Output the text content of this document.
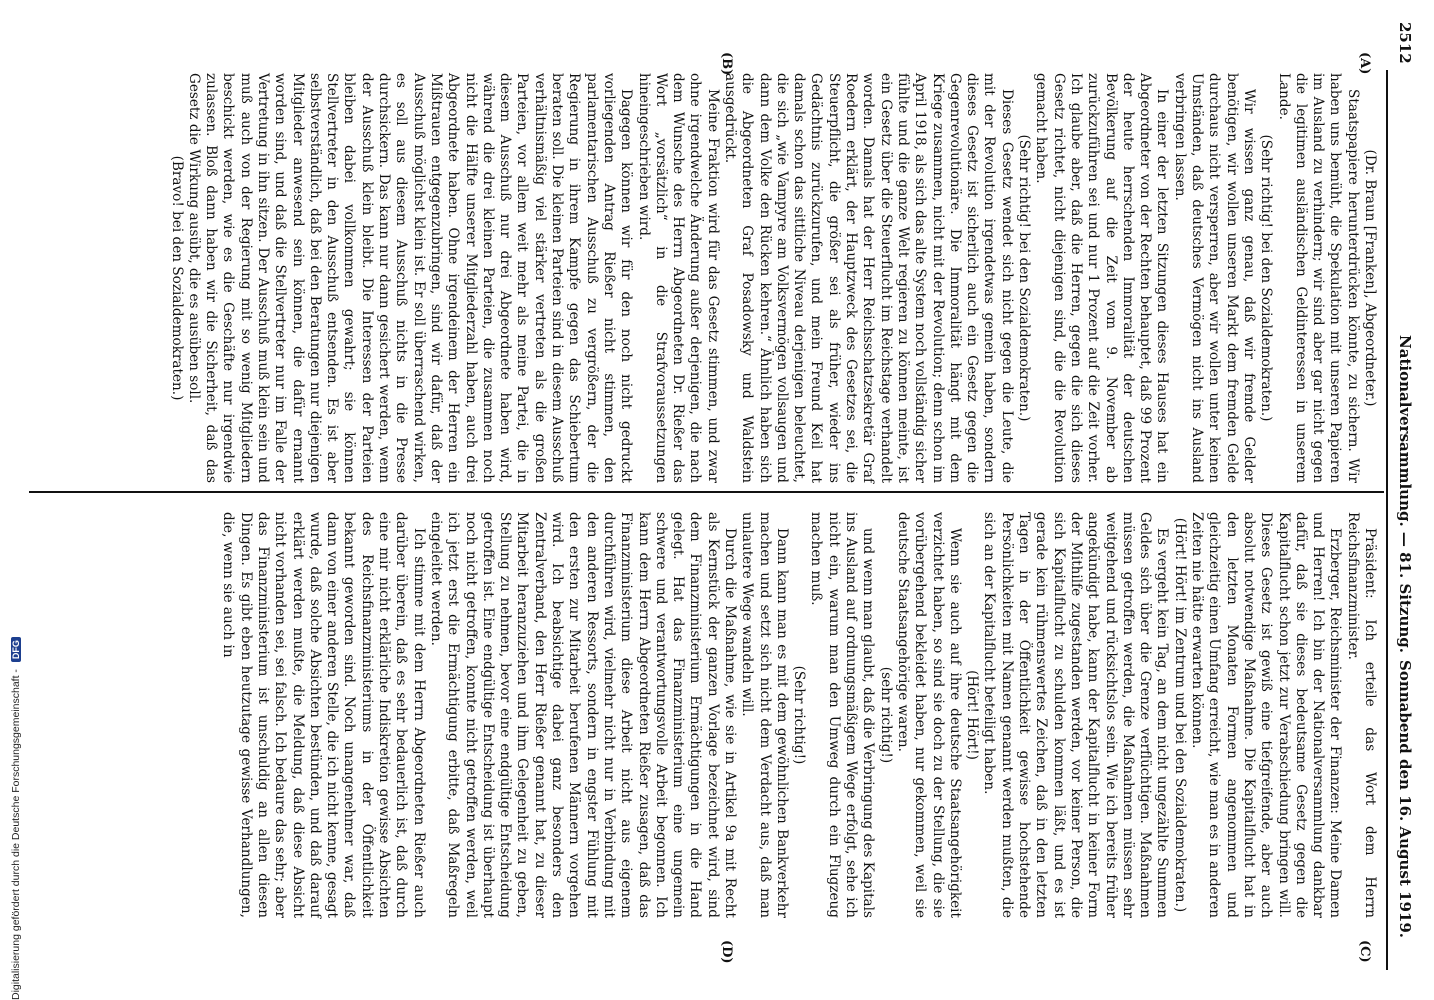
2512
Nationalversammlung. — 81. Sitzung.
Sonnabend den 16. August 1919.
(A)
(B)
(C)
(D)

(Dr. Braun [Franken], Abgeordneter.)

Staatspapiere herunterdrücken könnte, zu sichern. Wir haben uns bemüht, die Spekulation mit unseren Papieren im Ausland zu verhindern; wir sind aber gar nicht gegen die legitimen ausländischen Geldinteressen in unserem Lande.

(Sehr richtig! bei den Sozialdemokraten.)

Wir wissen ganz genau, daß wir fremde Gelder benötigen, wir wollen unseren Markt dem fremden Gelde durchaus nicht versperren, aber wir wollen unter keinen Umständen, daß deutsches Vermögen nicht ins Ausland verbringen lassen.

In einer der letzten Sitzungen dieses Hauses hat ein Abgeordneter von der Rechten behauptet, daß 99 Prozent der heute herrschenden Immoralität der deutschen Bevölkerung auf die Zeit vom 9. November ab zurückzuführen sei und nur 1 Prozent auf die Zeit vorher. Ich glaube aber, daß die Herren, gegen die sich dieses Gesetz richtet, nicht diejenigen sind, die die Revolution gemacht haben.

(Sehr richtig! bei den Sozialdemokraten.)

Dieses Gesetz wendet sich nicht gegen die Leute, die mit der Revolution irgendetwas gemein haben, sondern dieses Gesetz ist sicherlich auch ein Gesetz gegen die Gegenrevolutionäre. Die Immoralität hängt mit dem Kriege zusammen, nicht mit der Revolution; denn schon im April 1918, als sich das alte System noch vollständig sicher fühlte und die ganze Welt regieren zu können meinte, ist ein Gesetz über die Steuerflucht im Reichstage verhandelt worden. Damals hat der Herr Reichsschatzsekretär Graf Roedern erklärt, der Hauptzweck des Gesetzes sei, die Steuerpflicht, die größer sei als früher, wieder ins Gedächtnis zurückzurufen, und mein Freund Keil hat damals schon das sittliche Niveau derjenigen beleuchtet, die sich „wie Vampyre am Volksvermögen vollsaugen und dann dem Volke den Rücken kehren.“ Ähnlich haben sich die Abgeordneten Graf Posadowsky und Waldstein ausgedrückt.

Meine Fraktion wird für das Gesetz stimmen, und zwar ohne irgendwelche Änderung außer derjenigen, die nach dem Wunsche des Herrn Abgeordneten Dr. Rießer das Wort „vorsätzlich“ in die Strafvoraussetzungen hineingeschrieben wird.

Dagegen können wir für den noch nicht gedruckt vorliegenden Antrag Rießer nicht stimmen, den parlamentarischen Ausschuß zu vergrößern, der die Regierung in ihrem Kampfe gegen das Schiebertum beraten soll. Die kleinen Parteien sind in diesem Ausschuß verhältnismäßig viel stärker vertreten als die großen Parteien, vor allem weit mehr als meine Partei, die in diesem Ausschuß nur drei Abgeordnete haben wird, während die drei kleinen Parteien, die zusammen noch nicht die Hälfte unserer Mitgliederzahl haben, auch drei Abgeordnete haben. Ohne irgendeinem der Herren ein Mißtrauen entgegenzubringen, sind wir dafür, daß der Ausschuß möglichst klein ist. Er soll überraschend wirken, es soll aus diesem Ausschuß nichts in die Presse durchsickern. Das kann nur dann gesichert werden, wenn der Ausschuß klein bleibt. Die Interessen der Parteien bleiben dabei vollkommen gewahrt; sie können Stellvertreter in den Ausschuß entsenden. Es ist aber selbstverständlich, daß bei den Beratungen nur diejenigen Mitglieder anwesend sein können, die dafür ernannt worden sind, und daß die Stellvertreter nur im Falle der Vertretung in ihn sitzen. Der Ausschuß muß klein sein und muß auch von der Regierung mit so wenig Mitgliedern beschickt werden, wie es die Geschäfte nur irgendwie zulassen. Bloß dann haben wir die Sicherheit, daß das Gesetz die Wirkung ausübt, die es ausüben soll.

(Bravo! bei den Sozialdemokraten.)

Präsident: Ich erteile das Wort dem Herrn Reichsfinanzminister.

Erzberger, Reichsminister der Finanzen: Meine Damen und Herren! Ich bin der Nationalversammlung dankbar dafür, daß sie dieses bedeutsame Gesetz gegen die Kapitalflucht schon jetzt zur Verabschiedung bringen will. Dieses Gesetz ist gewiß eine tiefgreifende, aber auch absolut notwendige Maßnahme. Die Kapitalflucht hat in den letzten Monaten Formen angenommen und gleichzeitig einen Umfang erreicht, wie man es in anderen Zeiten nie hätte erwarten können.

(Hört! Hört! im Zentrum und bei den Sozialdemokraten.)

Es vergeht kein Tag, an dem nicht ungezählte Summen Geldes sich über die Grenze verflüchtigen. Maßnahmen müssen getroffen werden, die Maßnahmen müssen sehr weitgehend und rücksichtslos sein. Wie ich bereits früher angekündigt habe, kann der Kapitalflucht in keiner Form der Mithilfe zugestanden werden, vor keiner Person, die sich Kapitalflucht zu schulden kommen läßt, und es ist gerade kein rühmenswertes Zeichen, daß in den letzten Tagen in der Öffentlichkeit gewisse hochstehende Persönlichkeiten mit Namen genannt werden mußten, die sich an der Kapitalflucht beteiligt haben.

(Hört! Hört!)

Wenn sie auch auf ihre deutsche Staatsangehörigkeit verzichtet haben, so sind sie doch zu der Stellung, die sie vorübergehend bekleidet haben, nur gekommen, weil sie deutsche Staatsangehörige waren.

(sehr richtig!)

und wenn man glaubt, daß die Verbringung des Kapitals ins Ausland auf ordnungsmäßigem Wege erfolgt, sehe ich nicht ein, warum man den Umweg durch ein Flugzeug machen muß.

(Sehr richtig!)

Dann kann man es mit dem gewöhnlichen Bankverkehr machen und setzt sich nicht dem Verdacht aus, daß man unlautere Wege wandeln will.

Durch die Maßnahme, wie sie in Artikel 9a mit Recht als Kernstück der ganzen Vorlage bezeichnet wird, sind dem Finanzministerium Ermächtigungen in die Hand gelegt. Hat das Finanzministerium eine ungemein schwere und verantwortungsvolle Arbeit begonnen. Ich kann dem Herrn Abgeordneten Rießer zusagen, daß das Finanzministerium diese Arbeit nicht aus eigenem durchführen wird, vielmehr nicht nur in Verbindung mit den anderen Ressorts, sondern in engster Fühlung mit den ersten zur Mitarbeit berufenen Männern vorgehen wird. Ich beabsichtige dabei ganz besonders den Zentralverband, den Herr Rießer genannt hat, zu dieser Mitarbeit heranzuziehen und ihm Gelegenheit zu geben, Stellung zu nehmen, bevor eine endgültige Entscheidung getroffen ist. Eine endgültige Entscheidung ist überhaupt noch nicht getroffen, konnte nicht getroffen werden, weil ich jetzt erst die Ermächtigung erbitte, daß Maßregeln eingeleitet werden.

Ich stimme mit dem Herrn Abgeordneten Rießer auch darüber überein, daß es sehr bedauerlich ist, daß durch eine mir nicht erklärliche Indiskretion gewisse Absichten des Reichsfinanzministeriums in der Öffentlichkeit bekannt geworden sind. Noch unangenehmer war, daß dann von einer anderen Stelle, die ich nicht kenne, gesagt wurde, daß solche Absichten bestünden, und daß darauf erklärt werden mußte, die Meldung, daß diese Absicht nicht vorhanden sei, sei falsch. Ich bedaure das sehr; aber das Finanzministerium ist unschuldig an allen diesen Dingen. Es gibt eben heutzutage gewisse Verhandlungen, die, wenn sie auch in

Digitalisierung gefördert durch die Deutsche Forschungsgemeinschaft - DFG
